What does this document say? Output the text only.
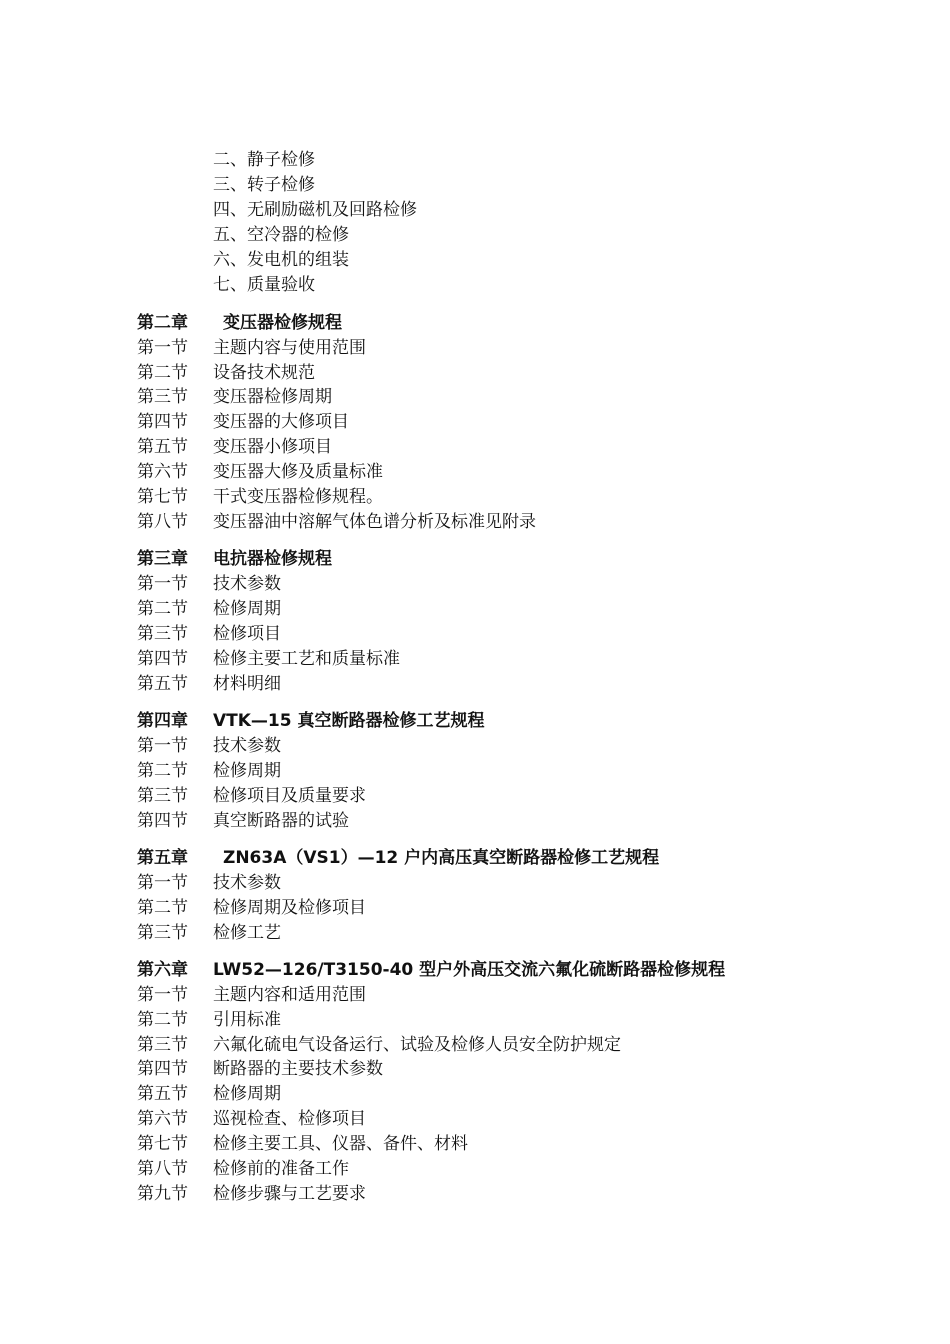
二、静子检修
三、转子检修
四、无刷励磁机及回路检修
五、空冷器的检修
六、发电机的组装
七、质量验收
第二章 变压器检修规程
第一节 主题内容与使用范围
第二节 设备技术规范
第三节 变压器检修周期
第四节 变压器的大修项目
第五节 变压器小修项目
第六节 变压器大修及质量标准
第七节 干式变压器检修规程。
第八节 变压器油中溶解气体色谱分析及标准见附录
第三章 电抗器检修规程
第一节 技术参数
第二节 检修周期
第三节 检修项目
第四节 检修主要工艺和质量标准
第五节 材料明细
第四章 VTK—15 真空断路器检修工艺规程
第一节 技术参数
第二节 检修周期
第三节 检修项目及质量要求
第四节 真空断路器的试验
第五章 ZN63A（VS1）—12 户内高压真空断路器检修工艺规程
第一节 技术参数
第二节 检修周期及检修项目
第三节 检修工艺
第六章 LW52—126/T3150-40 型户外高压交流六氟化硫断路器检修规程
第一节 主题内容和适用范围
第二节 引用标准
第三节 六氟化硫电气设备运行、试验及检修人员安全防护规定
第四节 断路器的主要技术参数
第五节 检修周期
第六节 巡视检查、检修项目
第七节 检修主要工具、仪器、备件、材料
第八节 检修前的准备工作
第九节 检修步骤与工艺要求
